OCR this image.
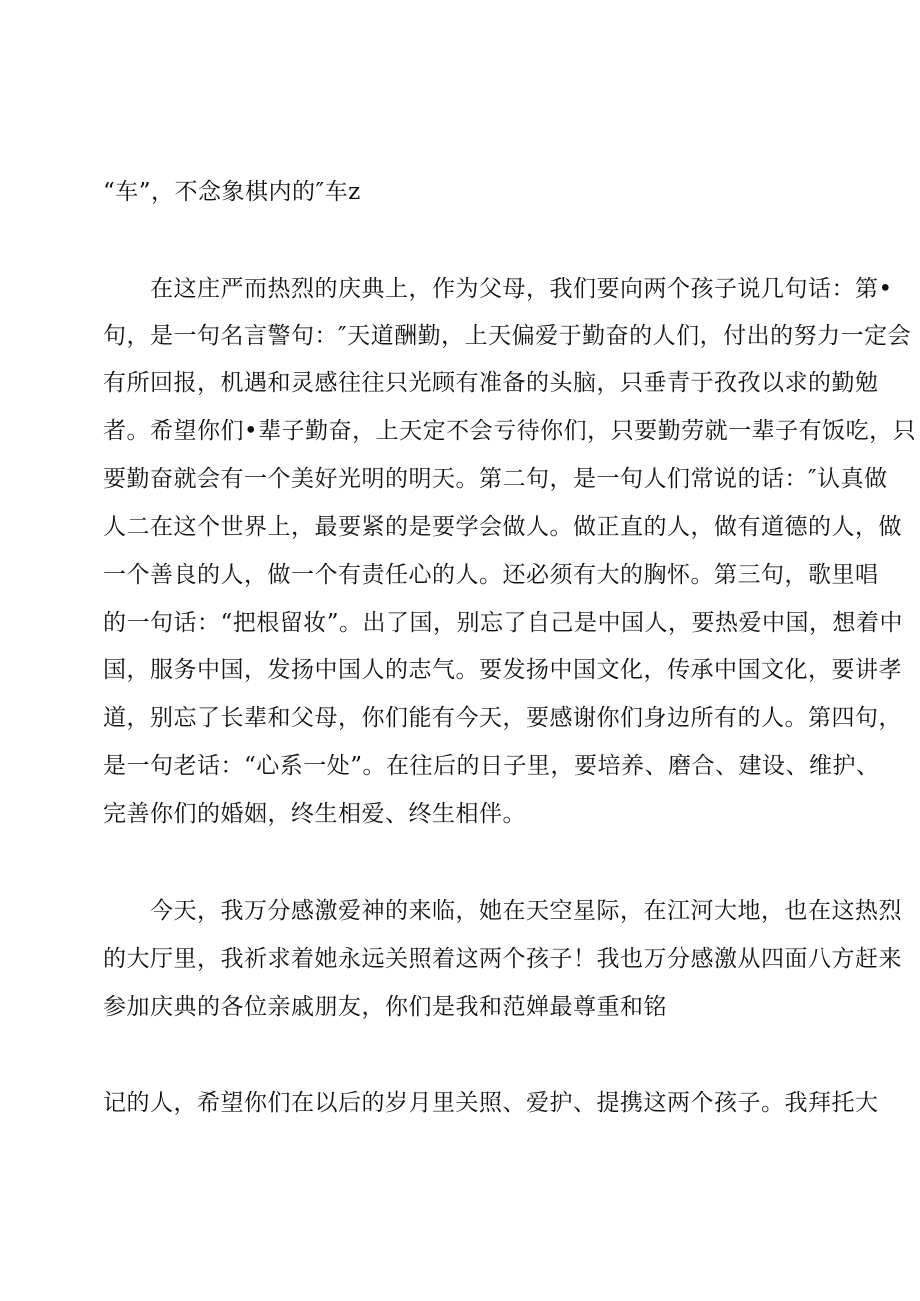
“车”，不念象棋内的″车z
在这庄严而热烈的庆典上，作为父母，我们要向两个孩子说几句话：第•
句，是一句名言警句：″天道酬勤，上天偏爱于勤奋的人们，付出的努力一定会
有所回报，机遇和灵感往往只光顾有准备的头脑，只垂青于孜孜以求的勤勉
者。希望你们•辈子勤奋，上天定不会亏待你们，只要勤劳就一辈子有饭吃，只
要勤奋就会有一个美好光明的明天。第二句，是一句人们常说的话：″认真做
人二在这个世界上，最要紧的是要学会做人。做正直的人，做有道德的人，做
一个善良的人，做一个有责任心的人。还必须有大的胸怀。第三句，歌里唱
的一句话：“把根留妆”。出了国，别忘了自己是中国人，要热爱中国，想着中
国，服务中国，发扬中国人的志气。要发扬中国文化，传承中国文化，要讲孝
道，别忘了长辈和父母，你们能有今天，要感谢你们身边所有的人。第四句，
是一句老话：“心系一处”。在往后的日子里，要培养、磨合、建设、维护、
完善你们的婚姻，终生相爱、终生相伴。
今天，我万分感激爱神的来临，她在天空星际，在江河大地，也在这热烈
的大厅里，我祈求着她永远关照着这两个孩子！我也万分感激从四面八方赶来
参加庆典的各位亲戚朋友，你们是我和范婵最尊重和铭
记的人，希望你们在以后的岁月里关照、爱护、提携这两个孩子。我拜托大
